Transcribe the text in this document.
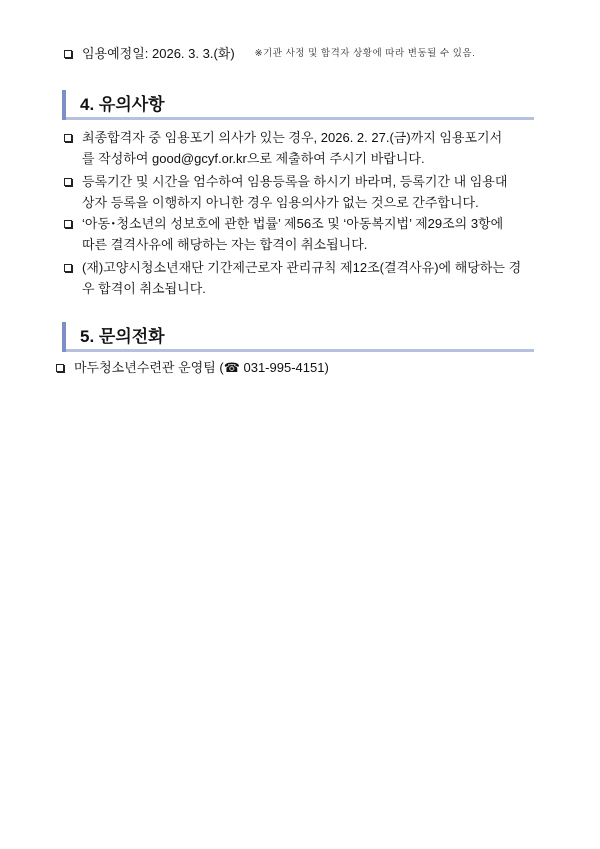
임용예정일: 2026. 3. 3.(화) ※기관 사정 및 합격자 상황에 따라 변동될 수 있음.
4. 유의사항
최종합격자 중 임용포기 의사가 있는 경우, 2026. 2. 27.(금)까지 임용포기서
를 작성하여 good@gcyf.or.kr으로 제출하여 주시기 바랍니다.
등록기간 및 시간을 엄수하여 임용등록을 하시기 바라며, 등록기간 내 임용대
상자 등록을 이행하지 아니한 경우 임용의사가 없는 것으로 간주합니다.
‘아동･청소년의 성보호에 관한 법률’ 제56조 및 ‘아동복지법’ 제29조의 3항에
따른 결격사유에 해당하는 자는 합격이 취소됩니다.
(재)고양시청소년재단 기간제근로자 관리규칙 제12조(결격사유)에 해당하는 경
우 합격이 취소됩니다.
5. 문의전화
마두청소년수련관 운영팀 (☎ 031-995-4151)
